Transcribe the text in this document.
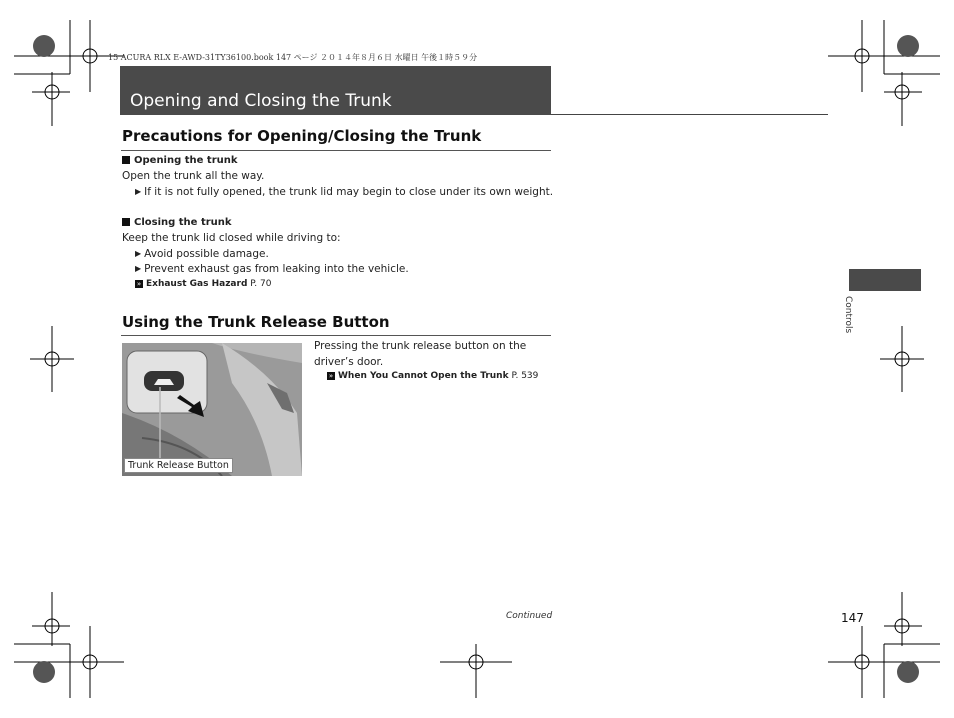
15 ACURA RLX E-AWD-31TY36100.book 147 ページ ２０１４年８月６日 水曜日 午後１時５９分
Opening and Closing the Trunk
Precautions for Opening/Closing the Trunk
Opening the trunk
Open the trunk all the way.
▶ If it is not fully opened, the trunk lid may begin to close under its own weight.
Closing the trunk
Keep the trunk lid closed while driving to:
▶ Avoid possible damage.
▶ Prevent exhaust gas from leaking into the vehicle.
» Exhaust Gas Hazard P. 70
Using the Trunk Release Button
Trunk Release Button
Pressing the trunk release button on the
driver’s door.
» When You Cannot Open the Trunk P. 539
Controls
Continued	147
